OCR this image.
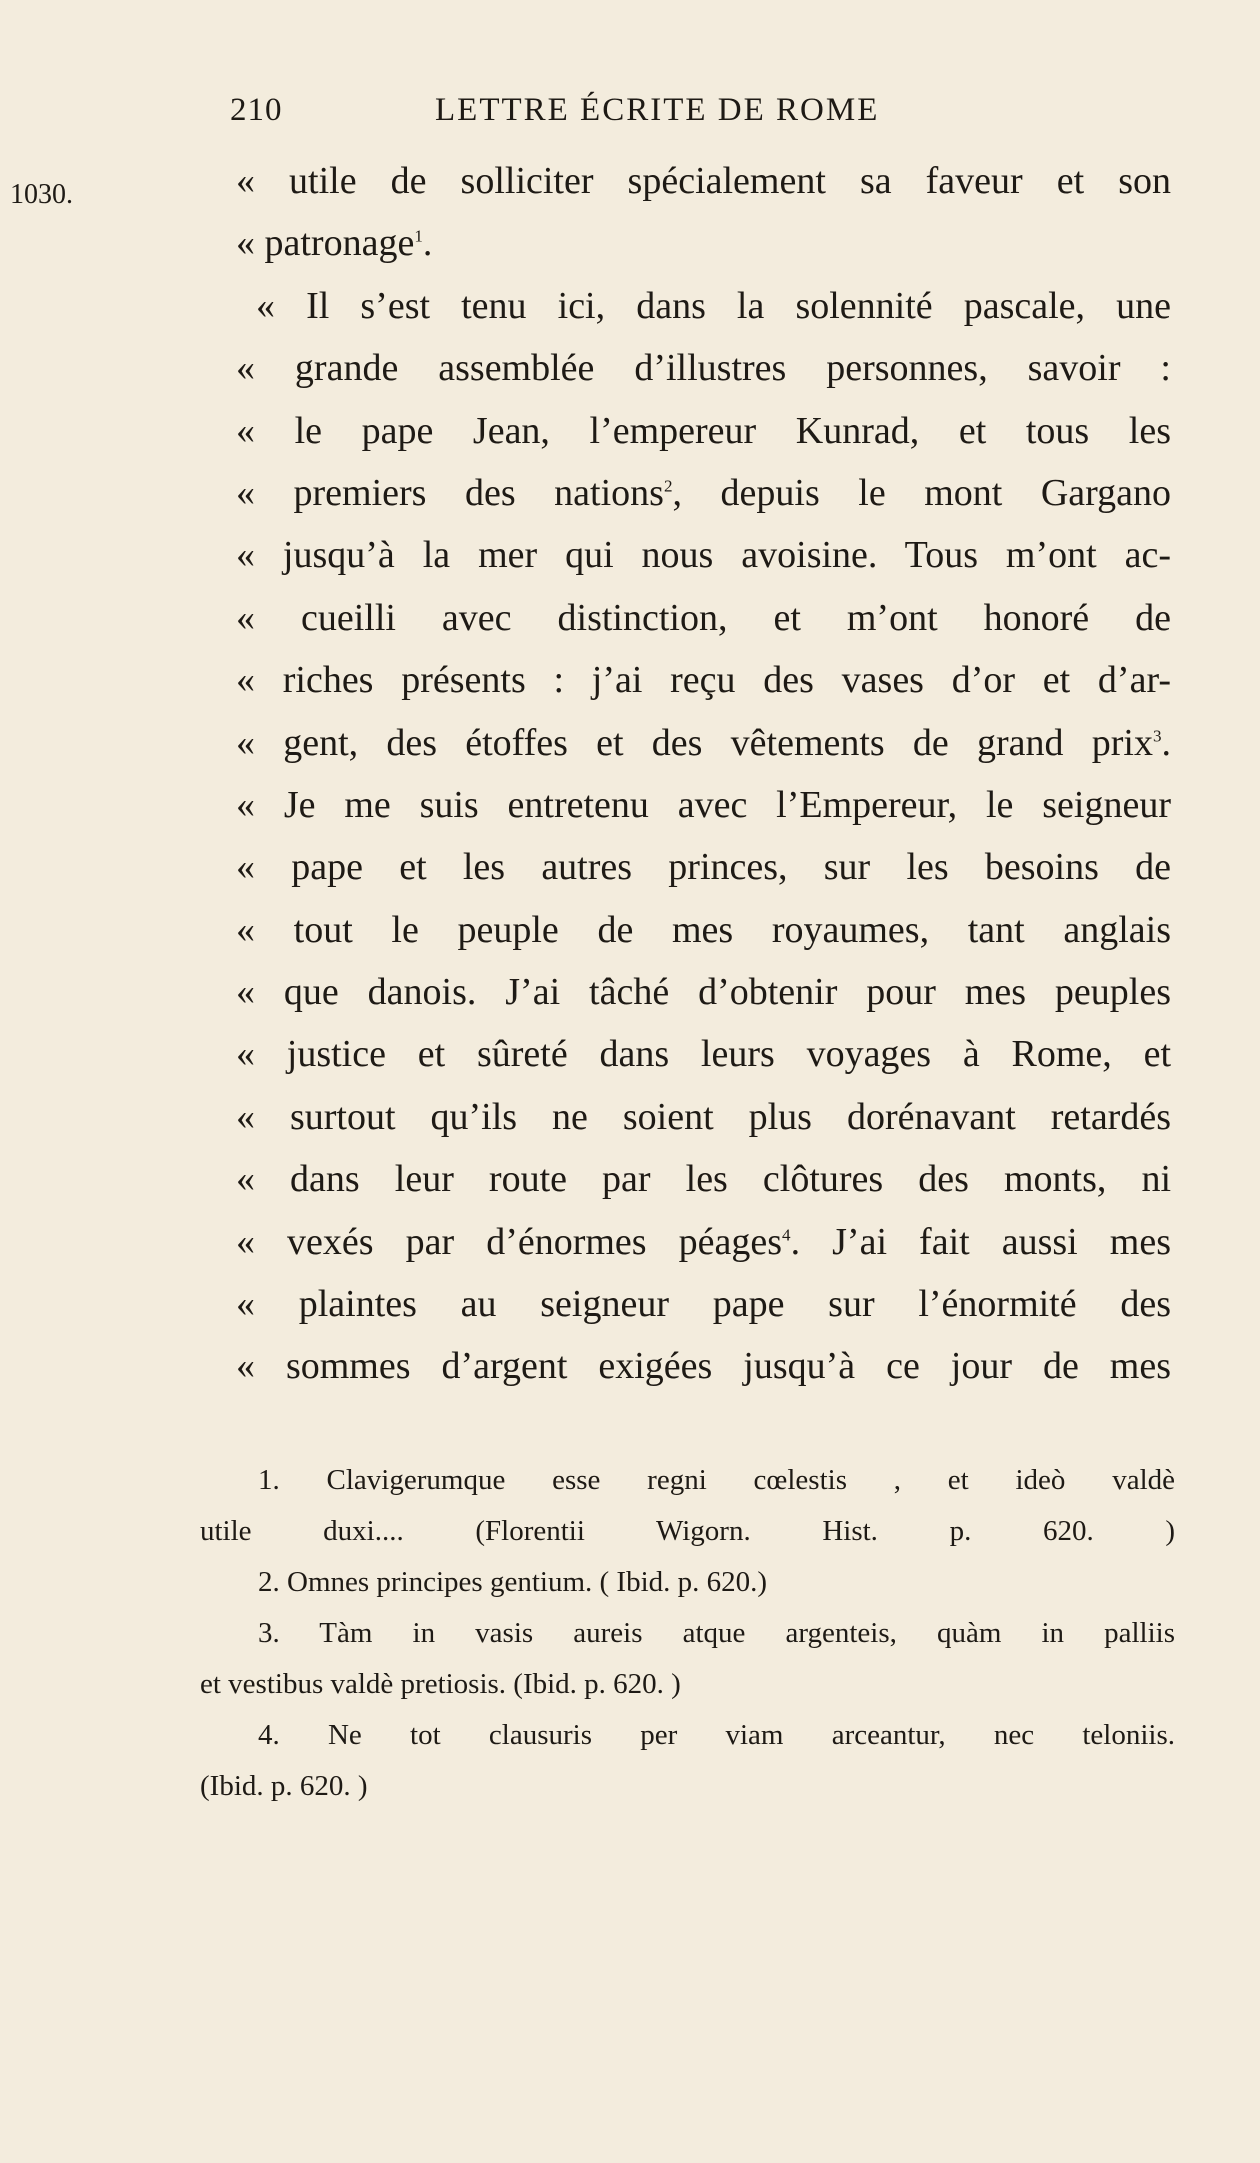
210	LETTRE ÉCRITE DE ROME
1030.	« utile de solliciter spécialement sa faveur et son
« patronage$^1$.
« Il s’est tenu ici, dans la solennité pascale, une
« grande assemblée d’illustres personnes, savoir :
« le pape Jean, l’empereur Kunrad, et tous les
« premiers des nations$^2$, depuis le mont Gargano
« jusqu’à la mer qui nous avoisine. Tous m’ont ac-
« cueilli avec distinction, et m’ont honoré de
« riches présents : j’ai reçu des vases d’or et d’ar-
« gent, des étoffes et des vêtements de grand prix$^3$.
« Je me suis entretenu avec l’Empereur, le seigneur
« pape et les autres princes, sur les besoins de
« tout le peuple de mes royaumes, tant anglais
« que danois. J’ai tâché d’obtenir pour mes peuples
« justice et sûreté dans leurs voyages à Rome, et
« surtout qu’ils ne soient plus dorénavant retardés
« dans leur route par les clôtures des monts, ni
« vexés par d’énormes péages$^4$. J’ai fait aussi mes
« plaintes au seigneur pape sur l’énormité des
« sommes d’argent exigées jusqu’à ce jour de mes
1. Clavigerumque esse regni cœlestis , et ideò valdè
utile duxi.... (Florentii Wigorn. Hist. p. 620. )
2. Omnes principes gentium. ( Ibid. p. 620.)
3. Tàm in vasis aureis atque argenteis, quàm in palliis
et vestibus valdè pretiosis. (Ibid. p. 620. )
4. Ne tot clausuris per viam arceantur, nec teloniis.
(Ibid. p. 620. )
